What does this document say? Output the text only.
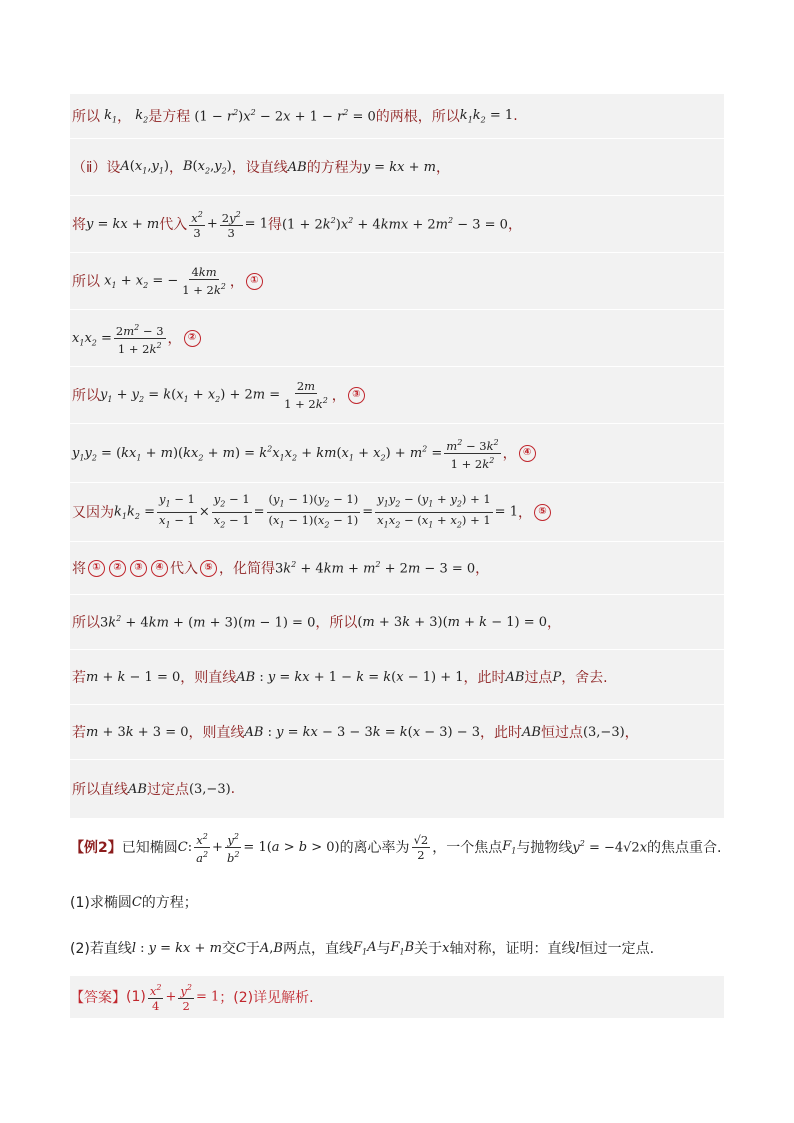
所以 $k_1$ ， $k_2$ 是方程 $(1 - r^2)x^2 - 2x + 1 - r^2 = 0$ 的两根，所以 $k_1k_2 = 1$ .
（ⅱ）设 $A(x_1,y_1)$ ， $B(x_2,y_2)$ ，设直线 AB 的方程为 y = kx + m ，
将 y = kx + m 代入 $\frac{x^2}{3} + \frac{2y^2}{3} = 1$ 得 $(1 + 2k^2)x^2 + 4kmx + 2m^2 - 3 = 0$ ，
所以 $x_1 + x_2$ = − $\frac{4km}{1 + 2k^2}$ ， ①
$x_1x_2 = \frac{2m^2 - 3}{1 + 2k^2}$ ， ②
所以 $y_1 + y_2 = k(x_1 + x_2) + 2m = \frac{2m}{1 + 2k^2}$ ， ③
$y_1y_2 = (kx_1 + m)(kx_2 + m) = k^2x_1x_2 + km(x_1 + x_2) + m^2 = \frac{m^2 - 3k^2}{1 + 2k^2}$ ， ④
又因为 $k_1k_2 = \frac{y_1 - 1}{x_1 - 1} \times \frac{y_2 - 1}{x_2 - 1} = \frac{(y_1 - 1)(y_2 - 1)}{(x_1 - 1)(x_2 - 1)} = \frac{y_1y_2 - (y_1 + y_2) + 1}{x_1x_2 - (x_1 + x_2) + 1} = 1$ ， ⑤
将 ①	②	③	④ 代入 ⑤ ，化简得 $3k^2 + 4km + m^2 + 2m - 3 = 0$ ，
所以 $3k^2 + 4km + (m + 3)(m - 1) = 0$ ，所以 (m + 3k + 3)(m + k − 1) = 0 ，
若 m + k − 1 = 0 ，则直线 AB : y = kx + 1 − k = k(x − 1) + 1 ，此时 AB 过点 P ，舍去.
若 m + 3k + 3 = 0 ，则直线 AB : y = kx − 3 − 3k = k(x − 3) − 3 ，此时 AB 恒过点 (3,−3) ，
所以直线 AB 过定点 (3,−3) .
【例2】 已知椭圆 C: $\frac{x^2}{a^2} + \frac{y^2}{b^2} = 1(a > b > 0)$ 的离心率为 $\frac{√2}{2}$ ，一个焦点 $F_1$ 与抛物线 $y^2 = -4√2x$ 的焦点重合.
(1)求椭圆 C 的方程；
(2)若直线 l : y = kx + m 交 C 于 A,B 两点，直线 $F_1A$ 与 $F_1B$ 关于 x 轴对称，证明：直线 l 恒过一定点.
【答案】 $(1) \frac{x^2}{4} + \frac{y^2}{2} = 1$ ；(2)详见解析.
